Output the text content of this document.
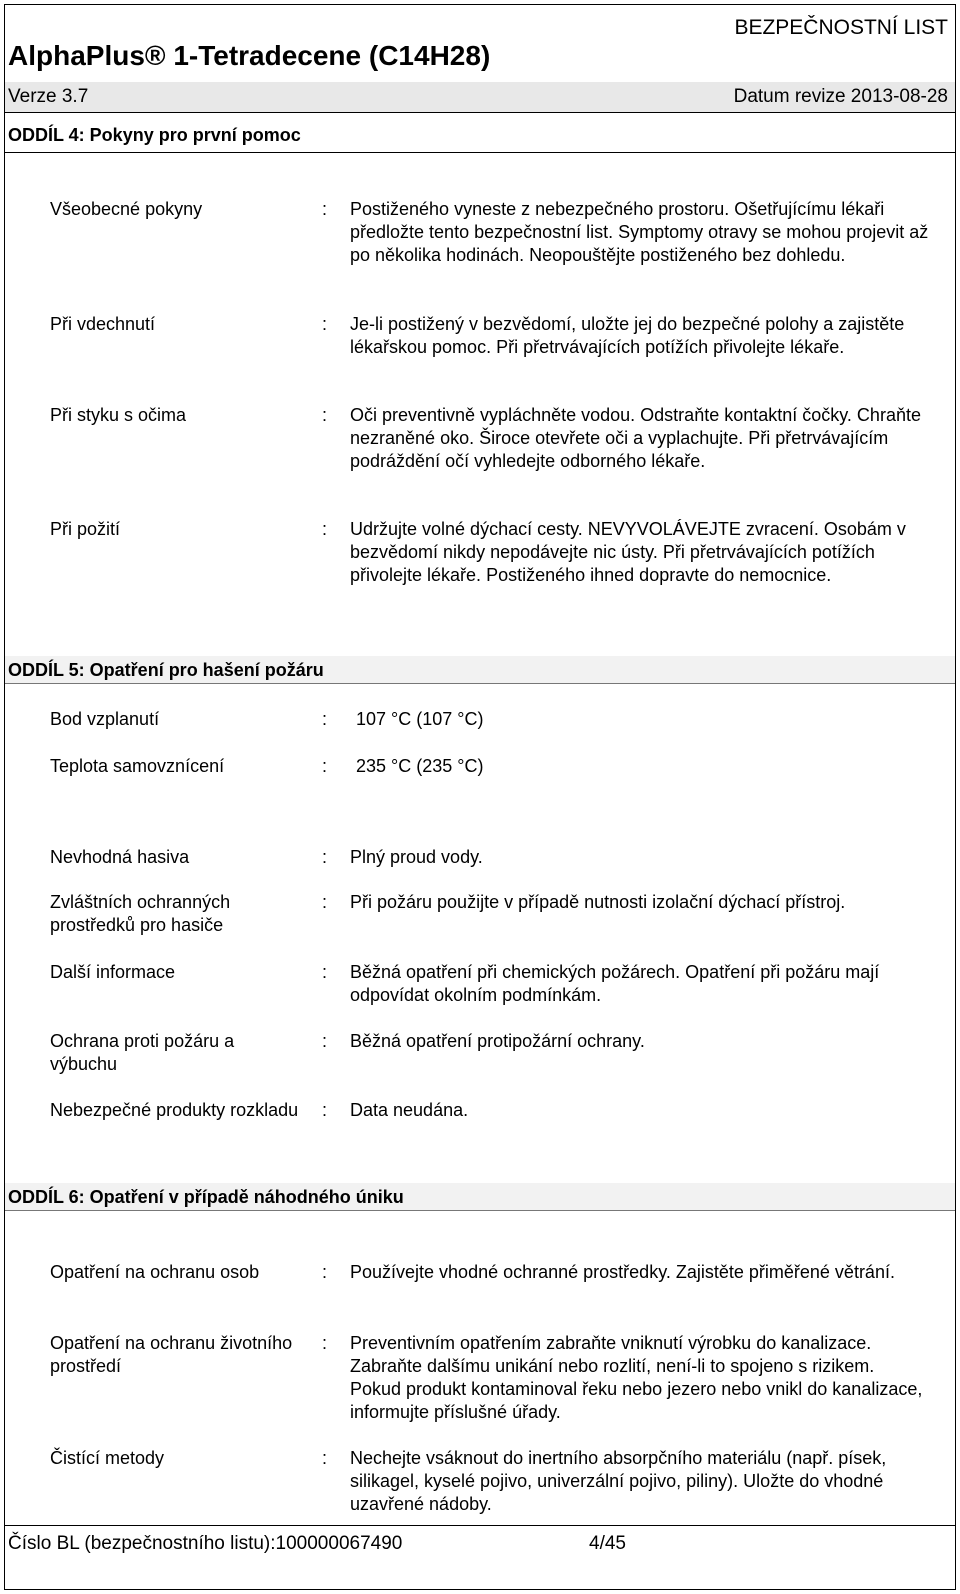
BEZPEČNOSTNÍ LIST
AlphaPlus® 1-Tetradecene (C14H28)
Verze 3.7	Datum revize 2013-08-28
ODDÍL 4: Pokyny pro první pomoc
Všeobecné pokyny	: Postiženého vyneste z nebezpečného prostoru. Ošetřujícímu lékaři předložte tento bezpečnostní list. Symptomy otravy se mohou projevit až po několika hodinách. Neopouštějte postiženého bez dohledu.
Při vdechnutí	: Je-li postižený v bezvědomí, uložte jej do bezpečné polohy a zajistěte lékařskou pomoc. Při přetrvávajících potížích přivolejte lékaře.
Při styku s očima	: Oči preventivně vypláchněte vodou. Odstraňte kontaktní čočky. Chraňte nezraněné oko. Široce otevřete oči a vyplachujte. Při přetrvávajícím podráždění očí vyhledejte odborného lékaře.
Při požití	: Udržujte volné dýchací cesty. NEVYVOLÁVEJTE zvracení. Osobám v bezvědomí nikdy nepodávejte nic ústy. Při přetrvávajících potížích přivolejte lékaře. Postiženého ihned dopravte do nemocnice.
ODDÍL 5: Opatření pro hašení požáru
Bod vzplanutí	: 107 °C (107 °C)
Teplota samovznícení	: 235 °C (235 °C)
Nevhodná hasiva	: Plný proud vody.
Zvláštních ochranných prostředků pro hasiče
: Při požáru použijte v případě nutnosti izolační dýchací přístroj.
Další informace	: Běžná opatření při chemických požárech. Opatření při požáru mají odpovídat okolním podmínkám.
Ochrana proti požáru a výbuchu
: Běžná opatření protipožární ochrany.
Nebezpečné produkty rozkladu : Data neudána.
ODDÍL 6: Opatření v případě náhodného úniku
Opatření na ochranu osob	: Používejte vhodné ochranné prostředky. Zajistěte přiměřené větrání.
Opatření na ochranu životního prostředí
: Preventivním opatřením zabraňte vniknutí výrobku do kanalizace. Zabraňte dalšímu unikání nebo rozlití, není-li to spojeno s rizikem. Pokud produkt kontaminoval řeku nebo jezero nebo vnikl do kanalizace, informujte příslušné úřady.
Čistící metody	: Nechejte vsáknout do inertního absorpčního materiálu (např. písek, silikagel, kyselé pojivo, univerzální pojivo, piliny). Uložte do vhodné uzavřené nádoby.
Číslo BL (bezpečnostního listu):100000067490	4/45
